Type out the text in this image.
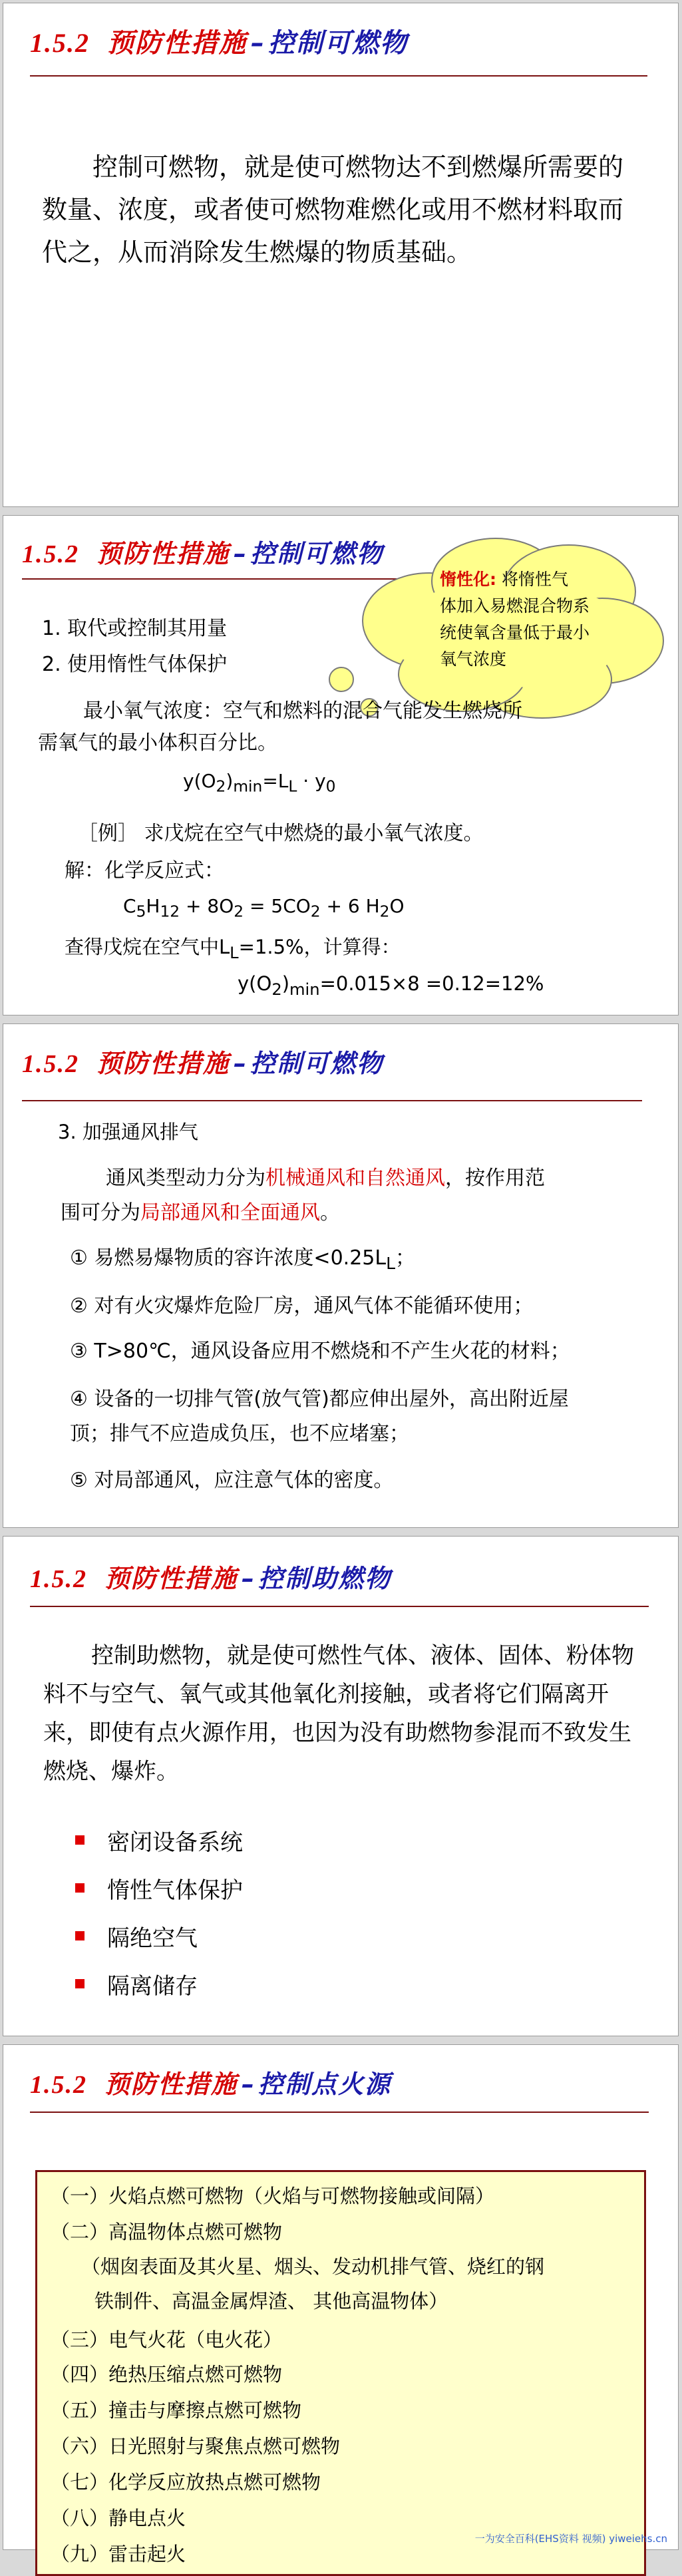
1.5.2 预防性措施 – 控制可燃物

控制可燃物，就是使可燃物达不到燃爆所需要的数量、浓度，或者使可燃物难燃化或用不燃材料取而代之，从而消除发生燃爆的物质基础。

1.5.2 预防性措施 – 控制可燃物
惰性化: 将惰性气
体加入易燃混合物系
统使氧含量低于最小
氧气浓度
1. 取代或控制其用量
2. 使用惰性气体保护
最小氧气浓度：空气和燃料的混合气能发生燃烧所
需氧气的最小体积百分比。
$y(O_2)_{min}=L_L \cdot y_0$
［例］ 求戊烷在空气中燃烧的最小氧气浓度。
解：化学反应式：
$C_5H_{12} + 8O_2 = 5CO_2 + 6$ $H_2O$
查得戊烷在空气中$L_L=1.5\%$，计算得：
$y(O_2)_{min}=0.015\times 8 =0.12=12\%$
1.5.2 预防性措施 – 控制可燃物
3. 加强通风排气
通风类型动力分为机械通风和自然通风，按作用范
围可分为局部通风和全面通风。
① 易燃易爆物质的容许浓度$<0.25L_L$；
② 对有火灾爆炸危险厂房，通风气体不能循环使用；
③ T>80℃，通风设备应用不燃烧和不产生火花的材料；
④ 设备的一切排气管(放气管)都应伸出屋外，高出附近屋
顶；排气不应造成负压，也不应堵塞；
⑤ 对局部通风，应注意气体的密度。
1.5.2 预防性措施 – 控制助燃物

控制助燃物，就是使可燃性气体、液体、固体、粉体物料不与空气、氧气或其他氧化剂接触，或者将它们隔离开来，即使有点火源作用，也因为没有助燃物参混而不致发生燃烧、爆炸。

密闭设备系统
惰性气体保护
隔绝空气
隔离储存
1.5.2 预防性措施 – 控制点火源
（一）火焰点燃可燃物（火焰与可燃物接触或间隔）
（二）高温物体点燃可燃物
（烟囱表面及其火星、烟头、发动机排气管、烧红的钢
铁制件、高温金属焊渣、 其他高温物体）
（三）电气火花（电火花）
（四）绝热压缩点燃可燃物
（五）撞击与摩擦点燃可燃物
（六）日光照射与聚焦点燃可燃物
（七）化学反应放热点燃可燃物
（八）静电点火
（九）雷击起火
一为安全百科(EHS资料 视频) yiweiehs.cn
